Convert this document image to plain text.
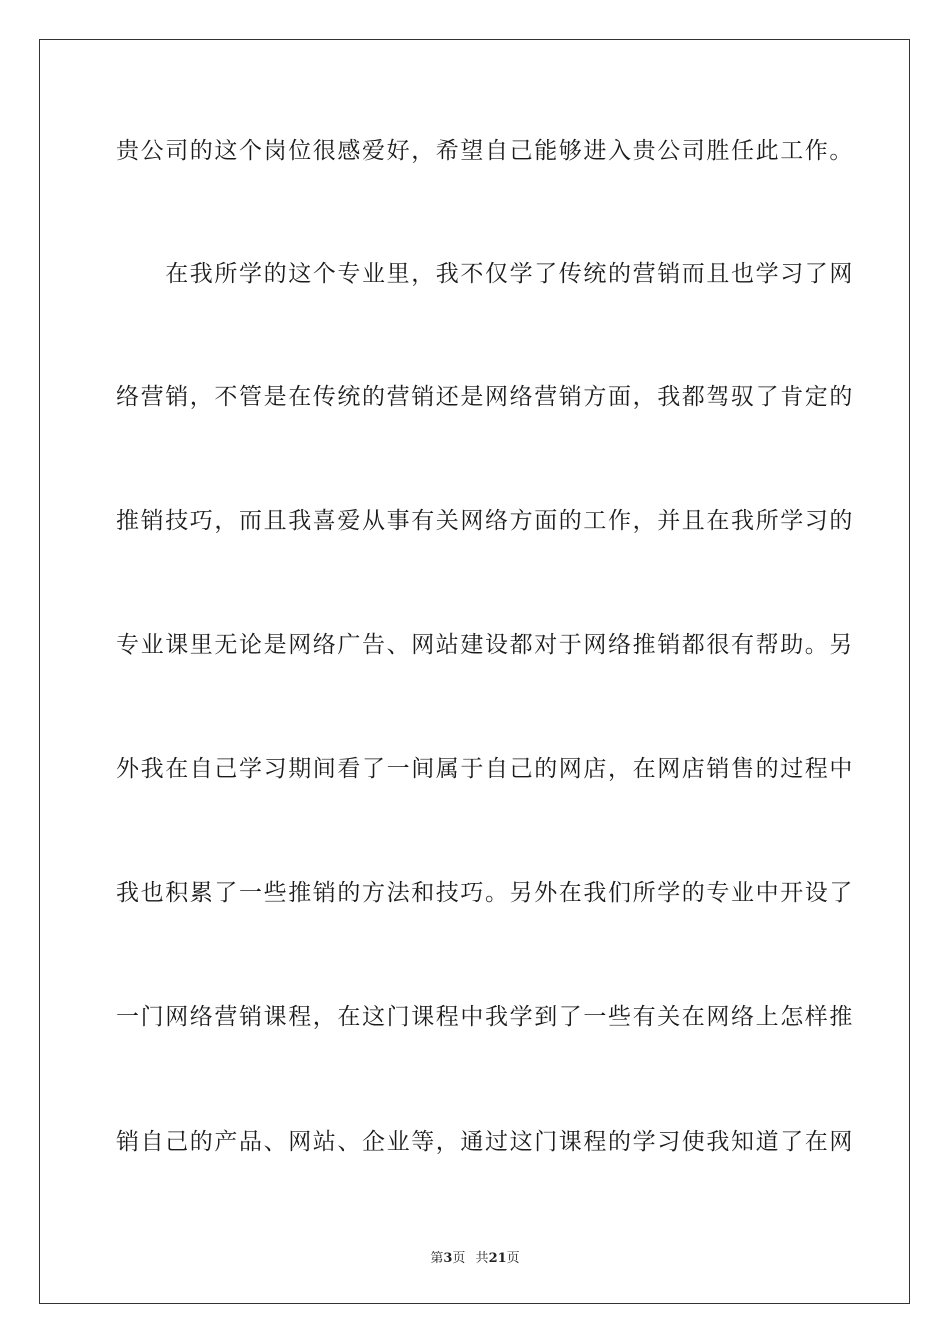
贵公司的这个岗位很感爱好，希望自己能够进入贵公司胜任此工作。
　　在我所学的这个专业里，我不仅学了传统的营销而且也学习了网
络营销，不管是在传统的营销还是网络营销方面，我都驾驭了肯定的
推销技巧，而且我喜爱从事有关网络方面的工作，并且在我所学习的
专业课里无论是网络广告、网站建设都对于网络推销都很有帮助。另
外我在自己学习期间看了一间属于自己的网店，在网店销售的过程中
我也积累了一些推销的方法和技巧。另外在我们所学的专业中开设了
一门网络营销课程，在这门课程中我学到了一些有关在网络上怎样推
销自己的产品、网站、企业等，通过这门课程的学习使我知道了在网
第3页 共21页
